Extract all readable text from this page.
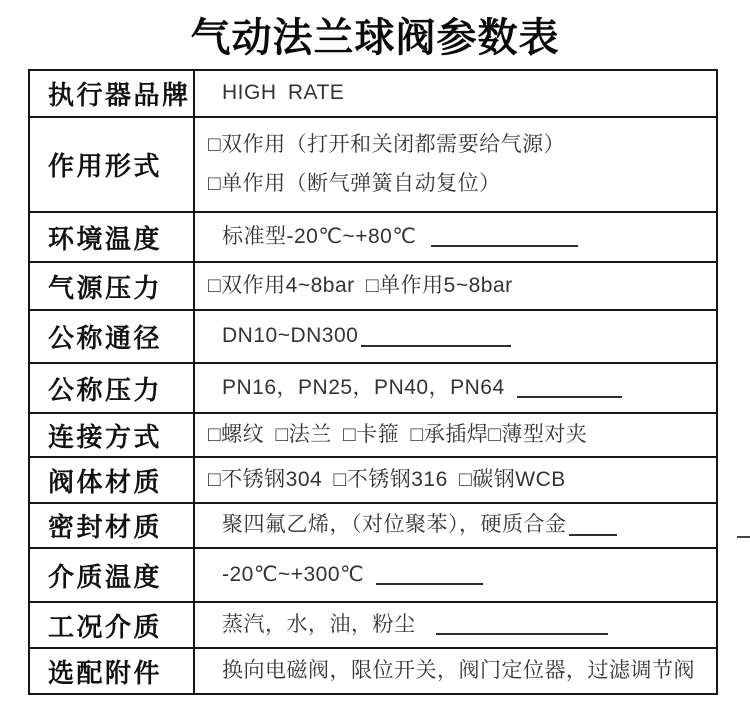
气动法兰球阀参数表
执行器品牌 HIGH RATE
作用形式
□双作用（打开和关闭都需要给气源）
□单作用（断气弹簧自动复位）
环境温度	标准型-20℃~+80℃
气源压力 □双作用4~8bar □单作用5~8bar
公称通径	DN10~DN300
公称压力	PN16，PN25，PN40，PN64
连接方式 □螺纹 □法兰 □卡箍 □承插焊□薄型对夹
阀体材质 □不锈钢304 □不锈钢316 □碳钢WCB
密封材质	聚四氟乙烯，（对位聚苯），硬质合金
介质温度	-20℃~+300℃
工况介质	蒸汽，水，油，粉尘
选配附件	换向电磁阀，限位开关，阀门定位器，过滤调节阀
